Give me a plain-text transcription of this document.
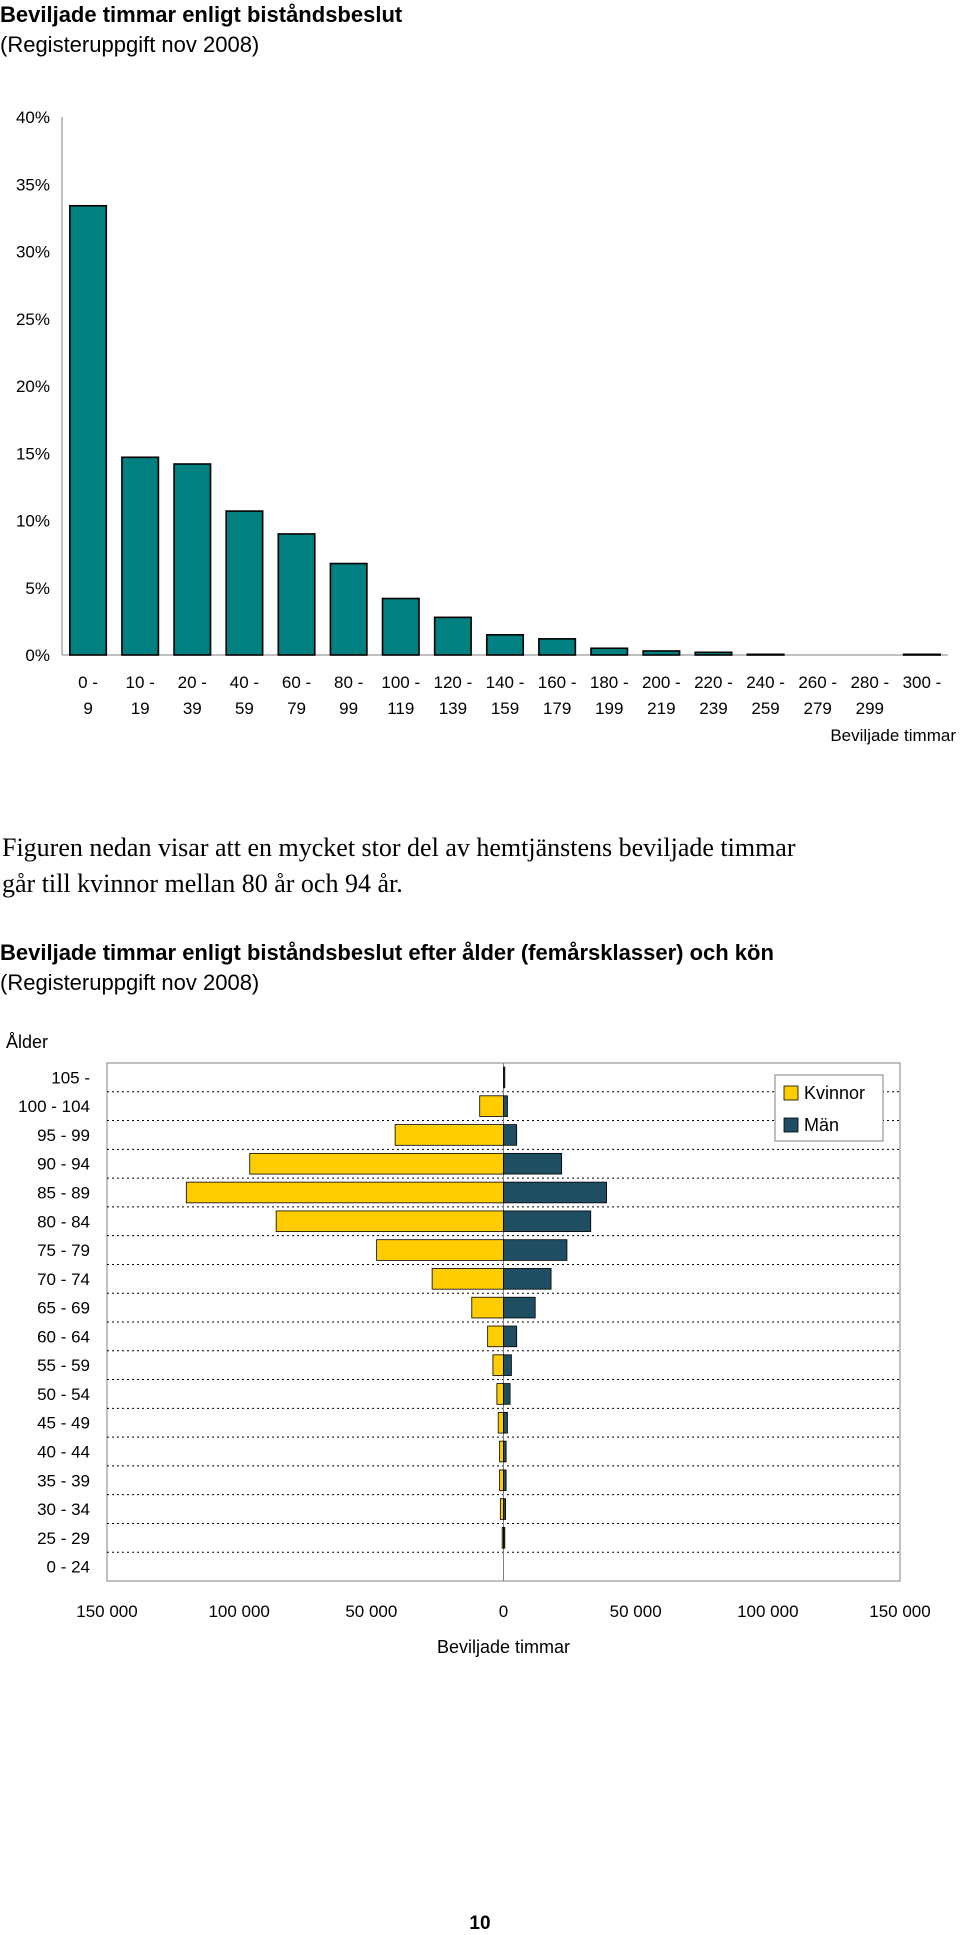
Beviljade timmar enligt biståndsbeslut
(Registeruppgift nov 2008)
0%
5%
10%
15%
20%
25%
30%
35%
40%
0 -
9
10 -
19
20 -
39
40 -
59
60 -
79
80 -
99
100 -
119
120 -
139
140 -
159
160 -
179
180 -
199
200 -
219
220 -
239
240 -
259
260 -
279
280 -
299
300 -
Beviljade timmar
Figuren nedan visar att en mycket stor del av hemtjänstens beviljade timmar
går till kvinnor mellan 80 år och 94 år.
Beviljade timmar enligt biståndsbeslut efter ålder (femårsklasser) och kön
(Registeruppgift nov 2008)
Ålder
105 -
100 - 104
95 - 99
90 - 94
85 - 89
80 - 84
75 - 79
70 - 74
65 - 69
60 - 64
55 - 59
50 - 54
45 - 49
40 - 44
35 - 39
30 - 34
25 - 29
0 - 24
150 000	100 000	50 000	0	50 000	100 000	150 000
Beviljade timmar
Kvinnor
Män
10
